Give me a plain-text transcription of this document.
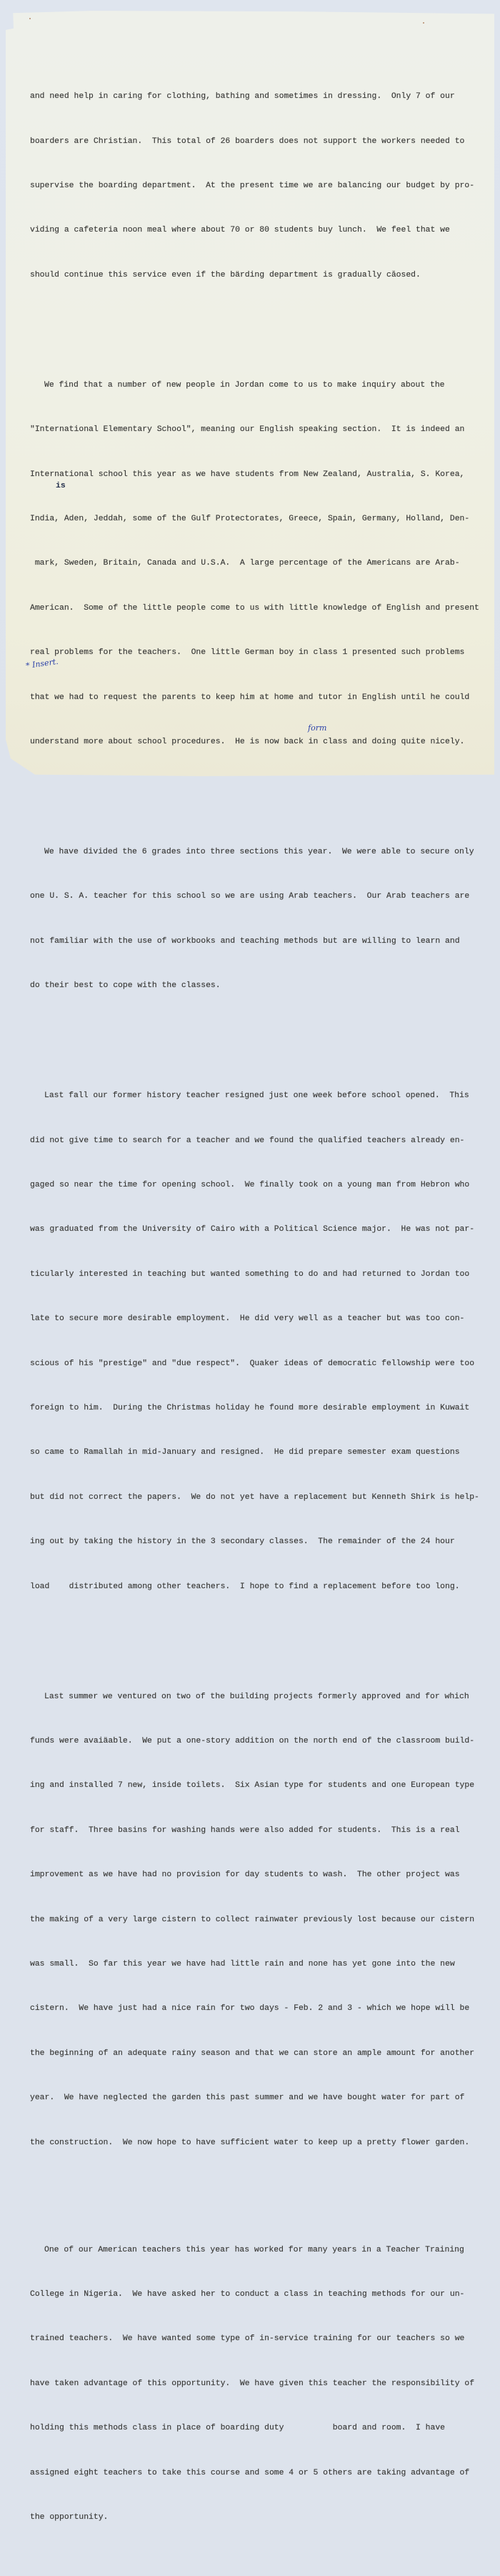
and need help in caring for clothing, bathing and sometimes in dressing.  Only 7 of our

boarders are Christian.  This total of 26 boarders does not support the workers needed to

supervise the boarding department.  At the present time we are balancing our budget by pro-

viding a cafeteria noon meal where about 70 or 80 students buy lunch.  We feel that we

should continue this service even if the bärding department is gradually căosed.

We find that a number of new people in Jordan come to us to make inquiry about the

"International Elementary School", meaning our English speaking section.  It is indeed an

International school this year as we have students from New Zealand, Australia, S. Korea,

India, Aden, Jeddah, some of the Gulf Protectorates, Greece, Spain, Germany, Holland, Den-

mark, Sweden, Britain, Canada and U.S.A.  A large percentage of the Americans are Arab-

American.  Some of the little people come to us with little knowledge of English and present

real problems for the teachers.  One little German boy in class 1 presented such problems

that we had to request the parents to keep him at home and tutor in English until he could

understand more about school procedures.  He is now back in class and doing quite nicely.

We have divided the 6 grades into three sections this year.  We were able to secure only

one U. S. A. teacher for this school so we are using Arab teachers.  Our Arab teachers are

not familiar with the use of workbooks and teaching methods but are willing to learn and

do their best to cope with the classes.

Last fall our former history teacher resigned just one week before school opened.  This

did not give time to search for a teacher and we found the qualified teachers already en-

gaged so near the time for opening school.  We finally took on a young man from Hebron who

was graduated from the University of Cairo with a Political Science major.  He was not par-

ticularly interested in teaching but wanted something to do and had returned to Jordan too

late to secure more desirable employment.  He did very well as a teacher but was too con-

scious of his "prestige" and "due respect".  Quaker ideas of democratic fellowship were too

foreign to him.  During the Christmas holiday he found more desirable employment in Kuwait

so came to Ramallah in mid-January and resigned.  He did prepare semester exam questions

but did not correct the papers.  We do not yet have a replacement but Kenneth Shirk is help-

ing out by taking the history in the 3 secondary classes.  The remainder of the 24 hour

load    distributed among other teachers.  I hope to find a replacement before too long.

Last summer we ventured on two of the building projects formerly approved and for which

funds were avaiäable.  We put a one-story addition on the north end of the classroom build-

ing and installed 7 new, inside toilets.  Six Asian type for students and one European type

for staff.  Three basins for washing hands were also added for students.  This is a real

improvement as we have had no provision for day students to wash.  The other project was

the making of a very large cistern to collect rainwater previously lost because our cistern

was small.  So far this year we have had little rain and none has yet gone into the new

cistern.  We have just had a nice rain for two days - Feb. 2 and 3 - which we hope will be

the beginning of an adequate rainy season and that we can store an ample amount for another

year.  We have neglected the garden this past summer and we have bought water for part of

the construction.  We now hope to have sufficient water to keep up a pretty flower garden.

One of our American teachers this year has worked for many years in a Teacher Training

College in Nigeria.  We have asked her to conduct a class in teaching methods for our un-

trained teachers.  We have wanted some type of in-service training for our teachers so we

have taken advantage of this opportunity.  We have given this teacher the responsibility of

holding this methods class in place of boarding duty          board and room.  I have

assigned eight teachers to take this course and some 4 or 5 others are taking advantage of

the opportunity.

is
* Insert.
form
